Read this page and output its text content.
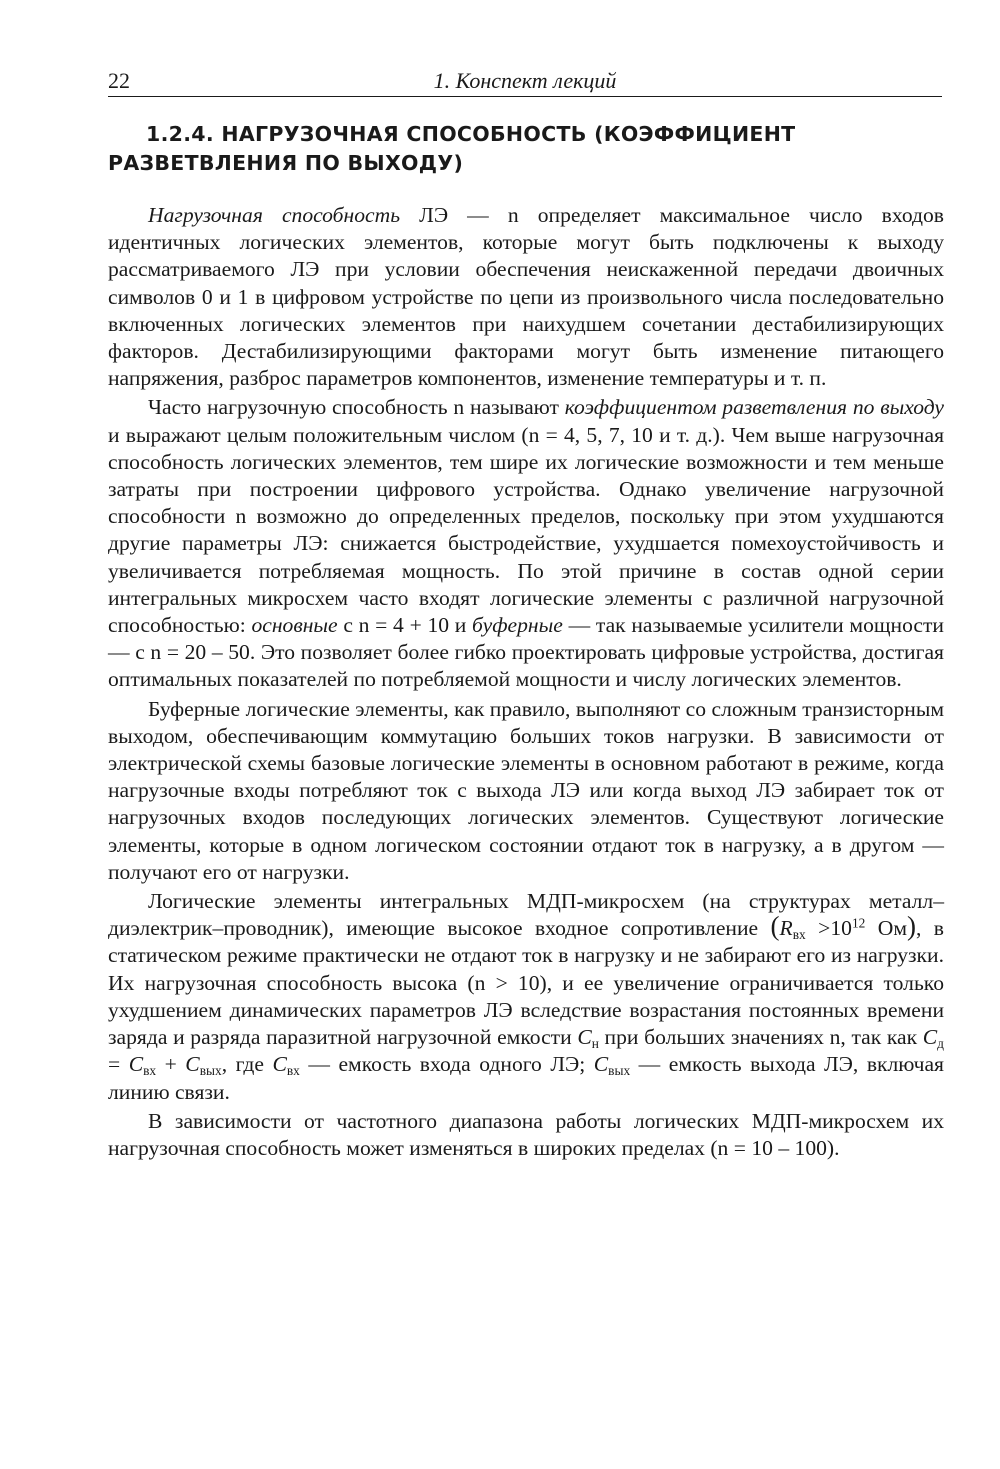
22	1. Конспект лекций
1.2.4. НАГРУЗОЧНАЯ СПОСОБНОСТЬ (КОЭФФИЦИЕНТ
РАЗВЕТВЛЕНИЯ ПО ВЫХОДУ)

Нагрузочная способность ЛЭ — n определяет максимальное число входов идентичных логических элементов, которые могут быть подключены к выходу рассматриваемого ЛЭ при условии обеспечения неискаженной передачи двоичных символов 0 и 1 в цифровом устройстве по цепи из произвольного числа последовательно включенных логических элементов при наихудшем сочетании дестабилизирующих факторов. Дестабилизирующими факторами могут быть изменение питающего напряжения, разброс параметров компонентов, изменение температуры и т. п.

Часто нагрузочную способность n называют коэффициентом разветвления по выходу и выражают целым положительным числом (n = 4, 5, 7, 10 и т. д.). Чем выше нагрузочная способность логических элементов, тем шире их логические возможности и тем меньше затраты при построении цифрового устройства. Однако увеличение нагрузочной способности n возможно до определенных пределов, поскольку при этом ухудшаются другие параметры ЛЭ: снижается быстродействие, ухудшается помехоустойчивость и увеличивается потребляемая мощность. По этой причине в состав одной серии интегральных микросхем часто входят логические элементы с различной нагрузочной способностью: основные с n = 4 + 10 и буферные — так называемые усилители мощности — с n = 20 – 50. Это позволяет более гибко проектировать цифровые устройства, достигая оптимальных показателей по потребляемой мощности и числу логических элементов.

Буферные логические элементы, как правило, выполняют со сложным транзисторным выходом, обеспечивающим коммутацию больших токов нагрузки. В зависимости от электрической схемы базовые логические элементы в основном работают в режиме, когда нагрузочные входы потребляют ток с выхода ЛЭ или когда выход ЛЭ забирает ток от нагрузочных входов последующих логических элементов. Существуют логические элементы, которые в одном логическом состоянии отдают ток в нагрузку, а в другом — получают его от нагрузки.

Логические элементы интегральных МДП-микросхем (на структурах металл–диэлектрик–проводник), имеющие высокое входное сопротивление ($R_{вх} >10^{12}$ Ом), в статическом режиме практически не отдают ток в нагрузку и не забирают его из нагрузки. Их нагрузочная способность высока (n > 10), и ее увеличение ограничивается только ухудшением динамических параметров ЛЭ вследствие возрастания постоянных времени заряда и разряда паразитной нагрузочной емкости $C_н$ при больших значениях n, так как $C_д = C_{вх} + C_{вых}$, где $C_{вх}$ — емкость входа одного ЛЭ; $C_{вых}$ — емкость выхода ЛЭ, включая линию связи.

В зависимости от частотного диапазона работы логических МДП-микросхем их нагрузочная способность может изменяться в широких пределах (n = 10 – 100).
